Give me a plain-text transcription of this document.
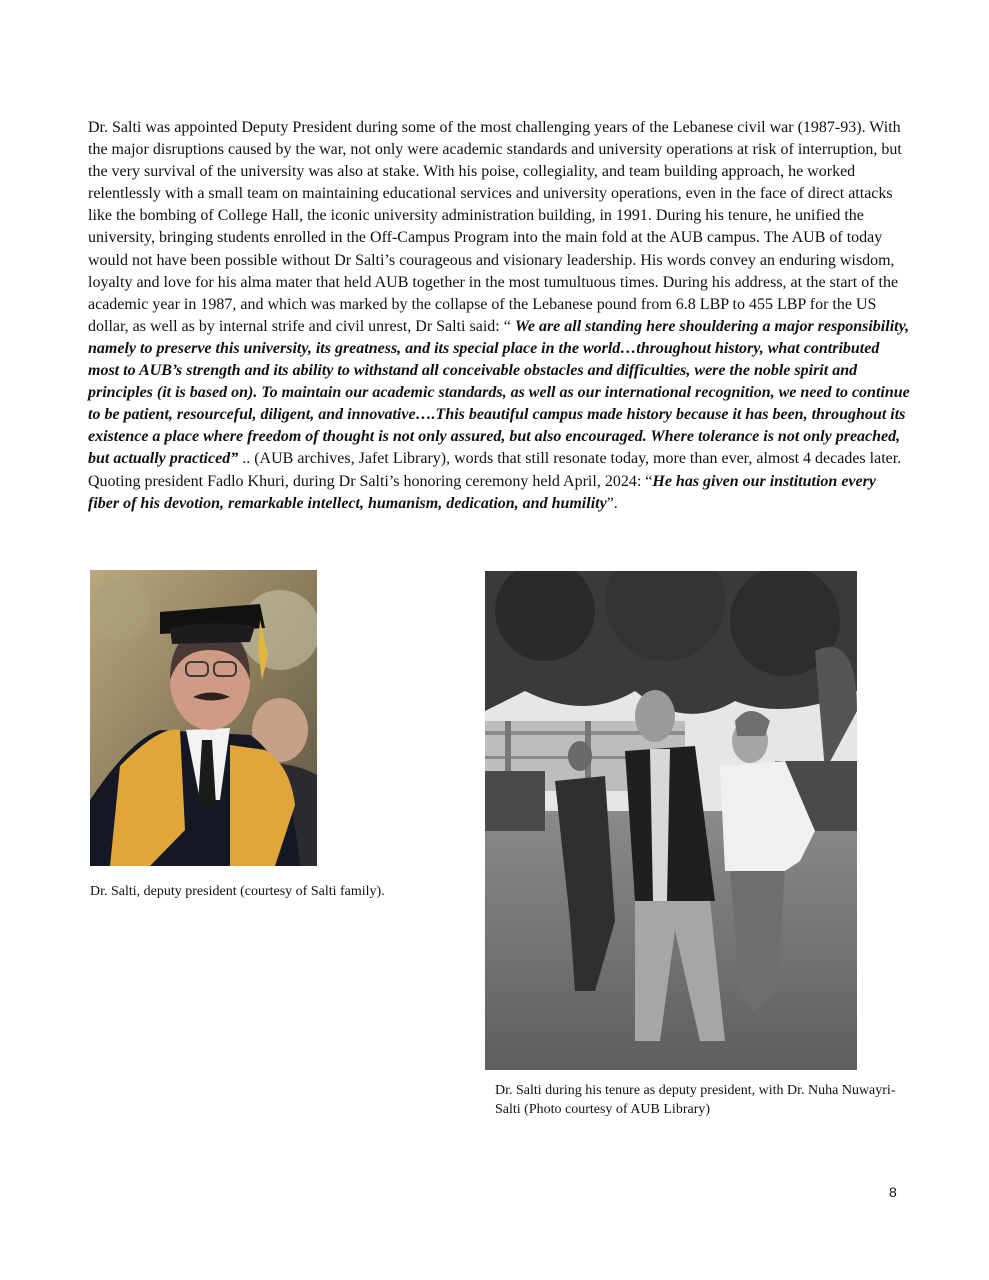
Dr. Salti was appointed Deputy President during some of the most challenging years of the Lebanese civil war (1987-93). With the major disruptions caused by the war, not only were academic standards and university operations at risk of interruption, but the very survival of the university was also at stake. With his poise, collegiality, and team building approach, he worked relentlessly with a small team on maintaining educational services and university operations, even in the face of direct attacks like the bombing of College Hall, the iconic university administration building, in 1991. During his tenure, he unified the university, bringing students enrolled in the Off-Campus Program into the main fold at the AUB campus. The AUB of today would not have been possible without Dr Salti’s courageous and visionary leadership. His words convey an enduring wisdom, loyalty and love for his alma mater that held AUB together in the most tumultuous times. During his address, at the start of the academic year in 1987, and which was marked by the collapse of the Lebanese pound from 6.8 LBP to 455 LBP for the US dollar, as well as by internal strife and civil unrest, Dr Salti said: “ We are all standing here shouldering a major responsibility, namely to preserve this university, its greatness, and its special place in the world…throughout history, what contributed most to AUB’s strength and its ability to withstand all conceivable obstacles and difficulties, were the noble spirit and principles (it is based on). To maintain our academic standards, as well as our international recognition, we need to continue to be patient, resourceful, diligent, and innovative….This beautiful campus made history because it has been, throughout its existence a place where freedom of thought is not only assured, but also encouraged. Where tolerance is not only preached, but actually practiced” .. (AUB archives, Jafet Library), words that still resonate today, more than ever, almost 4 decades later. Quoting president Fadlo Khuri, during Dr Salti’s honoring ceremony held April, 2024: “He has given our institution every fiber of his devotion, remarkable intellect, humanism, dedication, and humility”.

Dr. Salti, deputy president (courtesy of Salti family).

Dr. Salti during his tenure as deputy president, with Dr. Nuha Nuwayri-Salti (Photo courtesy of AUB Library)

8
